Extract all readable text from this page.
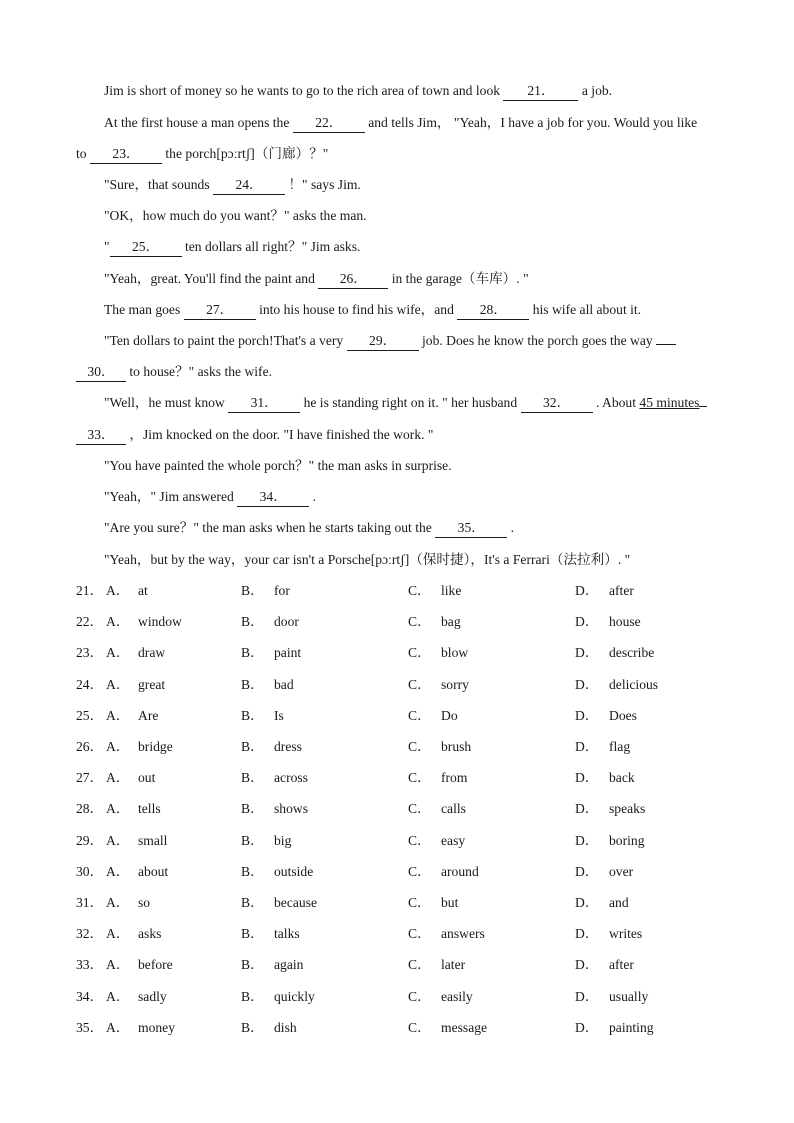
Jim is short of money so he wants to go to the rich area of town and look 21． a job.
At the first house a man opens the 22． and tells Jim， "Yeah，I have a job for you. Would you like
to 23． the porch[pɔːrtʃ]（门廊）？"
"Sure，that sounds 24． ！" says Jim.
"OK，how much do you want？" asks the man.
" 25． ten dollars all right？" Jim asks.
"Yeah，great. You'll find the paint and 26． in the garage（车库）. "
The man goes 27． into his house to find his wife，and 28． his wife all about it.
"Ten dollars to paint the porch!That's a very 29． job. Does he know the porch goes the way
30． to house？" asks the wife.
"Well，he must know 31． he is standing right on it. " her husband 32． . About 45 minutes
33． ，Jim knocked on the door. "I have finished the work. "
"You have painted the whole porch？" the man asks in surprise.
"Yeah，" Jim answered 34． .
"Are you sure？" the man asks when he starts taking out the 35． .
"Yeah，but by the way，your car isn't a Porsche[pɔːrtʃ]（保时捷），It's a Ferrari（法拉利）. "
21． A． at	B． for	C． like	D． after
22． A． window	B． door	C． bag	D． house
23． A． draw	B． paint	C． blow	D． describe
24． A． great	B． bad	C． sorry	D． delicious
25． A． Are	B． Is	C． Do	D． Does
26． A． bridge	B． dress	C． brush	D． flag
27． A． out	B． across	C． from	D． back
28． A． tells	B． shows	C． calls	D． speaks
29． A． small	B． big	C． easy	D． boring
30． A． about	B． outside	C． around	D． over
31． A． so	B． because	C． but	D． and
32． A． asks	B． talks	C． answers	D． writes
33． A． before	B． again	C． later	D． after
34． A． sadly	B． quickly	C． easily	D． usually
35． A． money	B． dish	C． message	D． painting
